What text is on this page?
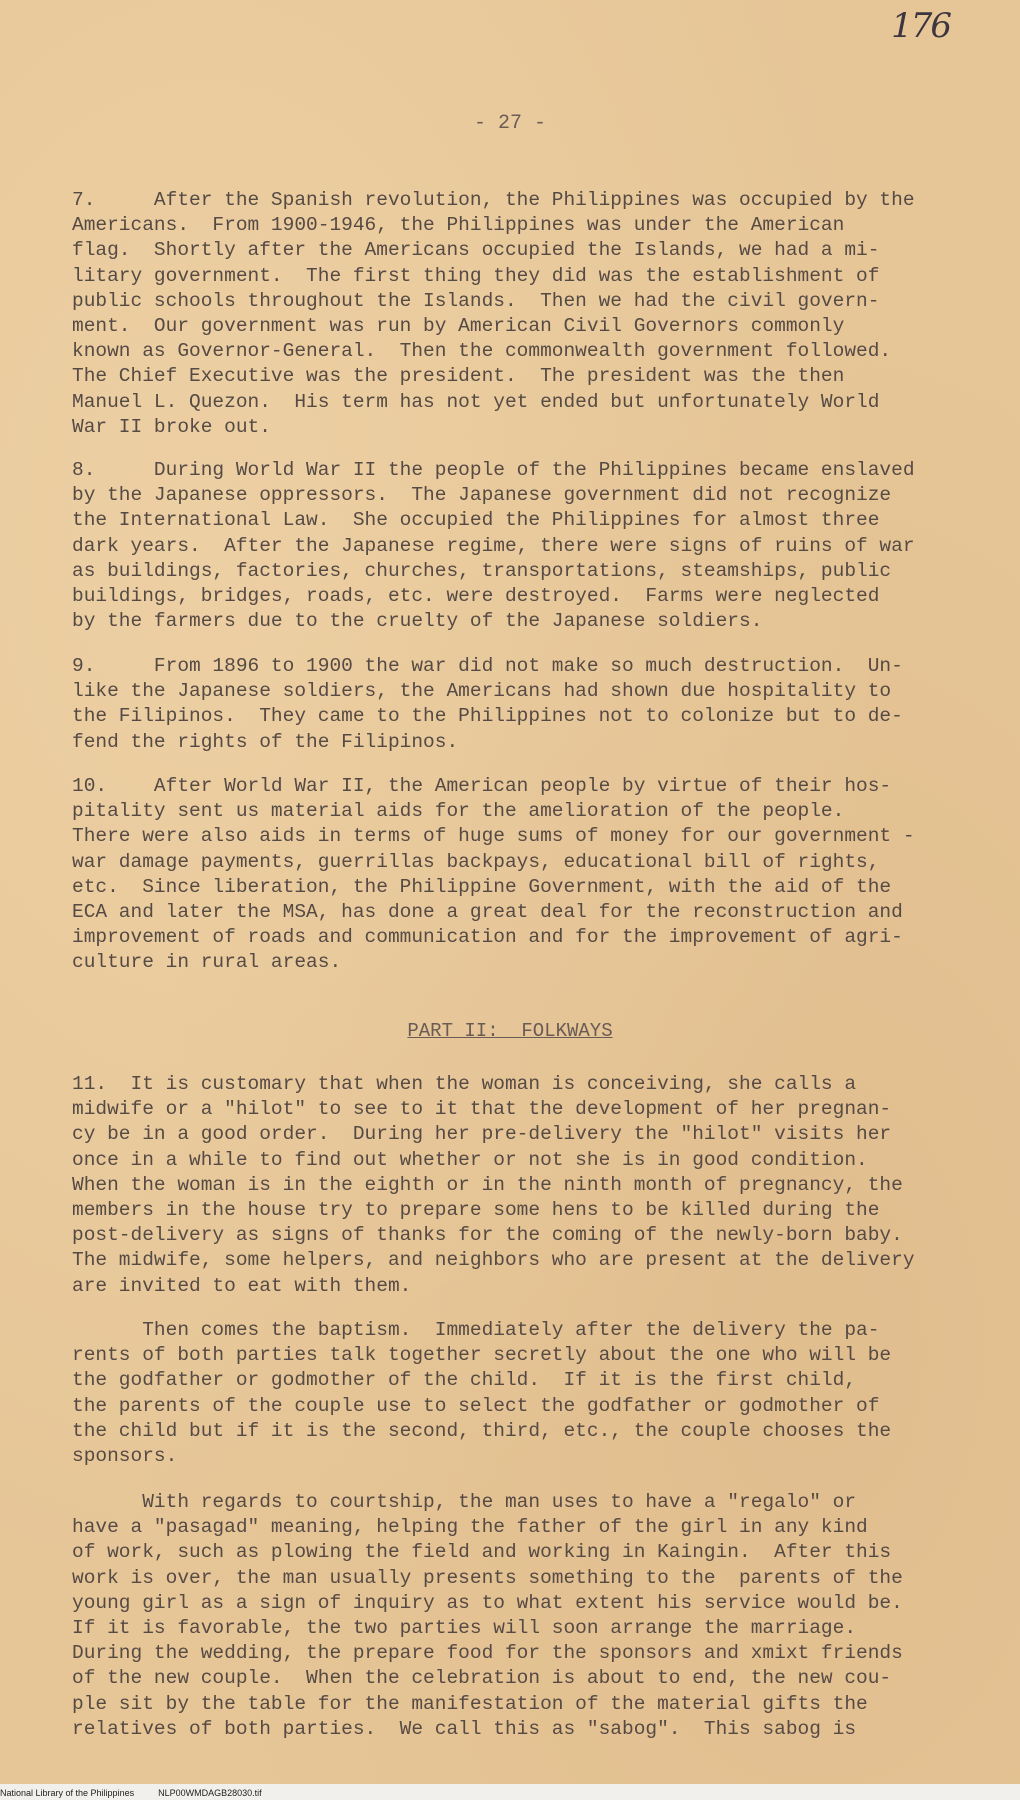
176
- 27 -
7.     After the Spanish revolution, the Philippines was occupied by the
Americans.  From 1900-1946, the Philippines was under the American
flag.  Shortly after the Americans occupied the Islands, we had a mi-
litary government.  The first thing they did was the establishment of
public schools throughout the Islands.  Then we had the civil govern-
ment.  Our government was run by American Civil Governors commonly
known as Governor-General.  Then the commonwealth government followed.
The Chief Executive was the president.  The president was the then
Manuel L. Quezon.  His term has not yet ended but unfortunately World
War II broke out.
8.     During World War II the people of the Philippines became enslaved
by the Japanese oppressors.  The Japanese government did not recognize
the International Law.  She occupied the Philippines for almost three
dark years.  After the Japanese regime, there were signs of ruins of war
as buildings, factories, churches, transportations, steamships, public
buildings, bridges, roads, etc. were destroyed.  Farms were neglected
by the farmers due to the cruelty of the Japanese soldiers.
9.     From 1896 to 1900 the war did not make so much destruction.  Un-
like the Japanese soldiers, the Americans had shown due hospitality to
the Filipinos.  They came to the Philippines not to colonize but to de-
fend the rights of the Filipinos.
10.    After World War II, the American people by virtue of their hos-
pitality sent us material aids for the amelioration of the people.
There were also aids in terms of huge sums of money for our government -
war damage payments, guerrillas backpays, educational bill of rights,
etc.  Since liberation, the Philippine Government, with the aid of the
ECA and later the MSA, has done a great deal for the reconstruction and
improvement of roads and communication and for the improvement of agri-
culture in rural areas.
PART II:  FOLKWAYS
11.  It is customary that when the woman is conceiving, she calls a
midwife or a "hilot" to see to it that the development of her pregnan-
cy be in a good order.  During her pre-delivery the "hilot" visits her
once in a while to find out whether or not she is in good condition.
When the woman is in the eighth or in the ninth month of pregnancy, the
members in the house try to prepare some hens to be killed during the
post-delivery as signs of thanks for the coming of the newly-born baby.
The midwife, some helpers, and neighbors who are present at the delivery
are invited to eat with them.
Then comes the baptism.  Immediately after the delivery the pa-
rents of both parties talk together secretly about the one who will be
the godfather or godmother of the child.  If it is the first child,
the parents of the couple use to select the godfather or godmother of
the child but if it is the second, third, etc., the couple chooses the
sponsors.
With regards to courtship, the man uses to have a "regalo" or
have a "pasagad" meaning, helping the father of the girl in any kind
of work, such as plowing the field and working in Kaingin.  After this
work is over, the man usually presents something to the  parents of the
young girl as a sign of inquiry as to what extent his service would be.
If it is favorable, the two parties will soon arrange the marriage.
During the wedding, the prepare food for the sponsors and xmixt friends
of the new couple.  When the celebration is about to end, the new cou-
ple sit by the table for the manifestation of the material gifts the
relatives of both parties.  We call this as "sabog".  This sabog is
National Library of the Philippines	NLP00WMDAGB28030.tif
